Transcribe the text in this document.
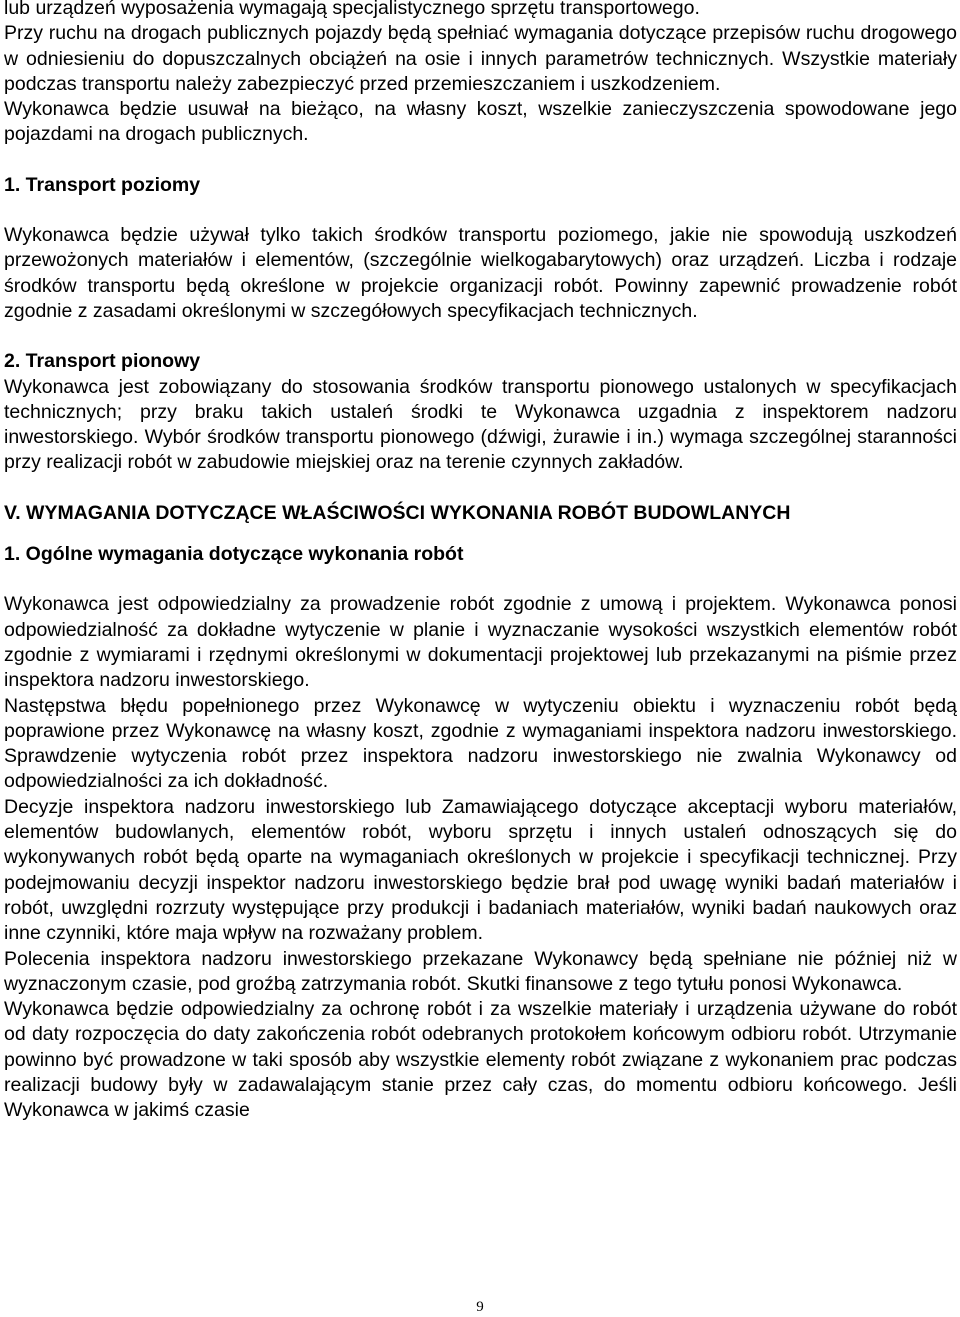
lub urządzeń wyposażenia wymagają specjalistycznego sprzętu transportowego.

Przy ruchu na drogach publicznych pojazdy będą spełniać wymagania dotyczące przepisów ruchu drogowego w odniesieniu do dopuszczalnych obciążeń na osie i innych parametrów technicznych. Wszystkie materiały podczas transportu należy zabezpieczyć przed przemieszczaniem i uszkodzeniem.

Wykonawca będzie usuwał na bieżąco, na własny koszt, wszelkie zanieczyszczenia spowodowane jego pojazdami na drogach publicznych.

1. Transport poziomy

Wykonawca będzie używał tylko takich środków transportu poziomego, jakie nie spowodują uszkodzeń przewożonych materiałów i elementów, (szczególnie wielkogabarytowych) oraz urządzeń. Liczba i rodzaje środków transportu będą określone w projekcie organizacji robót. Powinny zapewnić prowadzenie robót zgodnie z zasadami określonymi w szczegółowych specyfikacjach technicznych.

2. Transport pionowy

Wykonawca jest zobowiązany do stosowania środków transportu pionowego ustalonych w specyfikacjach technicznych; przy braku takich ustaleń środki te Wykonawca uzgadnia z inspektorem nadzoru inwestorskiego. Wybór środków transportu pionowego (dźwigi, żurawie i in.) wymaga szczególnej staranności przy realizacji robót w zabudowie miejskiej oraz na terenie czynnych zakładów.

V. WYMAGANIA DOTYCZĄCE WŁAŚCIWOŚCI WYKONANIA ROBÓT BUDOWLANYCH

1. Ogólne wymagania dotyczące wykonania robót

Wykonawca jest odpowiedzialny za prowadzenie robót zgodnie z umową i projektem. Wykonawca ponosi odpowiedzialność za dokładne wytyczenie w planie i wyznaczanie wysokości wszystkich elementów robót zgodnie z wymiarami i rzędnymi określonymi w dokumentacji projektowej lub przekazanymi na piśmie przez inspektora nadzoru inwestorskiego.

Następstwa błędu popełnionego przez Wykonawcę w wytyczeniu obiektu i wyznaczeniu robót będą poprawione przez Wykonawcę na własny koszt, zgodnie z wymaganiami inspektora nadzoru inwestorskiego. Sprawdzenie wytyczenia robót przez inspektora nadzoru inwestorskiego nie zwalnia Wykonawcy od odpowiedzialności za ich dokładność.

Decyzje inspektora nadzoru inwestorskiego lub Zamawiającego dotyczące akceptacji wyboru materiałów, elementów budowlanych, elementów robót, wyboru sprzętu i innych ustaleń odnoszących się do wykonywanych robót będą oparte na wymaganiach określonych w projekcie i specyfikacji technicznej. Przy podejmowaniu decyzji inspektor nadzoru inwestorskiego będzie brał pod uwagę wyniki badań materiałów i robót, uwzględni rozrzuty występujące przy produkcji i badaniach materiałów, wyniki badań naukowych oraz inne czynniki, które maja wpływ na rozważany problem.

Polecenia inspektora nadzoru inwestorskiego przekazane Wykonawcy będą spełniane nie później niż w wyznaczonym czasie, pod groźbą zatrzymania robót. Skutki finansowe z tego tytułu ponosi Wykonawca.

Wykonawca będzie odpowiedzialny za ochronę robót i za wszelkie materiały i urządzenia używane do robót od daty rozpoczęcia do daty zakończenia robót odebranych protokołem końcowym odbioru robót. Utrzymanie powinno być prowadzone w taki sposób aby wszystkie elementy robót związane z wykonaniem prac podczas realizacji budowy były w zadawalającym stanie przez cały czas, do momentu odbioru końcowego. Jeśli Wykonawca w jakimś czasie

9
